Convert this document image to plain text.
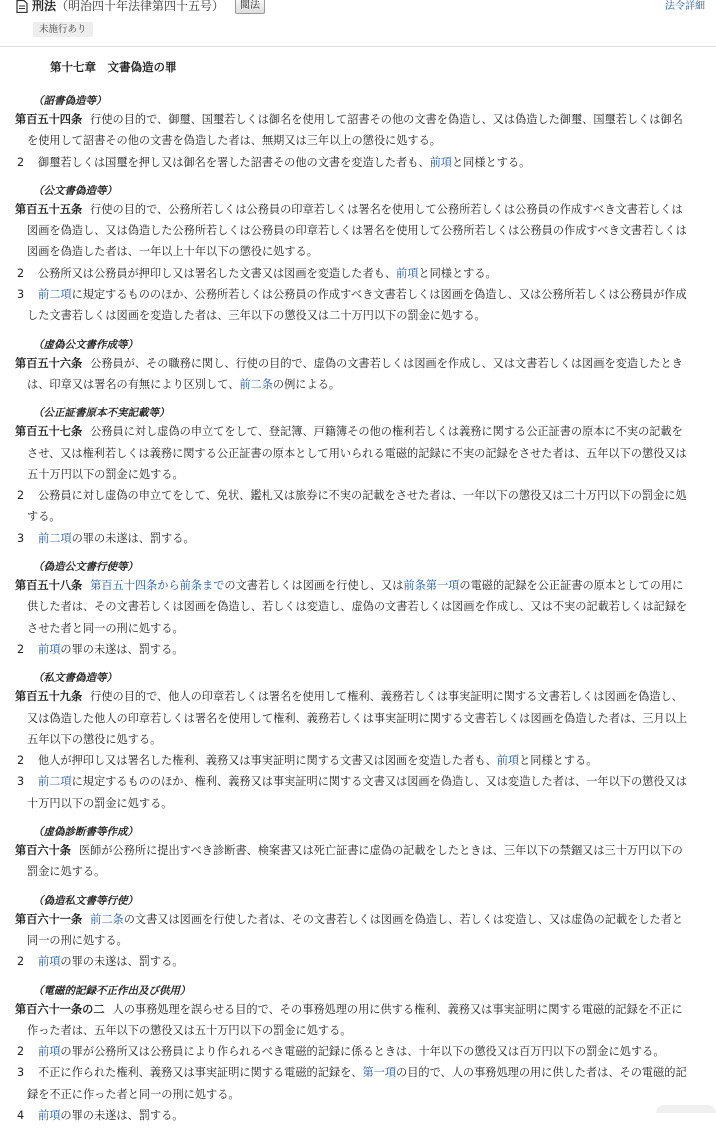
刑法（明治四十年法律第四十五号）	閲法
未施行あり
法令詳細
第十七章　文書偽造の罪
（詔書偽造等）
第百五十四条 行使の目的で、御璽、国璽若しくは御名を使用して詔書その他の文書を偽造し、又は偽造した御璽、国璽若しくは御名を使用して詔書その他の文書を偽造した者は、無期又は三年以上の懲役に処する。
2 御璽若しくは国璽を押し又は御名を署した詔書その他の文書を変造した者も、前項と同様とする。
（公文書偽造等）
第百五十五条 行使の目的で、公務所若しくは公務員の印章若しくは署名を使用して公務所若しくは公務員の作成すべき文書若しくは図画を偽造し、又は偽造した公務所若しくは公務員の印章若しくは署名を使用して公務所若しくは公務員の作成すべき文書若しくは図画を偽造した者は、一年以上十年以下の懲役に処する。
2 公務所又は公務員が押印し又は署名した文書又は図画を変造した者も、前項と同様とする。
3 前二項に規定するもののほか、公務所若しくは公務員の作成すべき文書若しくは図画を偽造し、又は公務所若しくは公務員が作成した文書若しくは図画を変造した者は、三年以下の懲役又は二十万円以下の罰金に処する。
（虚偽公文書作成等）
第百五十六条 公務員が、その職務に関し、行使の目的で、虚偽の文書若しくは図画を作成し、又は文書若しくは図画を変造したときは、印章又は署名の有無により区別して、前二条の例による。
（公正証書原本不実記載等）
第百五十七条 公務員に対し虚偽の申立てをして、登記簿、戸籍簿その他の権利若しくは義務に関する公正証書の原本に不実の記載をさせ、又は権利若しくは義務に関する公正証書の原本として用いられる電磁的記録に不実の記録をさせた者は、五年以下の懲役又は五十万円以下の罰金に処する。
2 公務員に対し虚偽の申立てをして、免状、鑑札又は旅券に不実の記載をさせた者は、一年以下の懲役又は二十万円以下の罰金に処する。
3 前二項の罪の未遂は、罰する。
（偽造公文書行使等）
第百五十八条 第百五十四条から前条までの文書若しくは図画を行使し、又は前条第一項の電磁的記録を公正証書の原本としての用に供した者は、その文書若しくは図画を偽造し、若しくは変造し、虚偽の文書若しくは図画を作成し、又は不実の記載若しくは記録をさせた者と同一の刑に処する。
2 前項の罪の未遂は、罰する。
（私文書偽造等）
第百五十九条 行使の目的で、他人の印章若しくは署名を使用して権利、義務若しくは事実証明に関する文書若しくは図画を偽造し、又は偽造した他人の印章若しくは署名を使用して権利、義務若しくは事実証明に関する文書若しくは図画を偽造した者は、三月以上五年以下の懲役に処する。
2 他人が押印し又は署名した権利、義務又は事実証明に関する文書又は図画を変造した者も、前項と同様とする。
3 前二項に規定するもののほか、権利、義務又は事実証明に関する文書又は図画を偽造し、又は変造した者は、一年以下の懲役又は十万円以下の罰金に処する。
（虚偽診断書等作成）
第百六十条 医師が公務所に提出すべき診断書、検案書又は死亡証書に虚偽の記載をしたときは、三年以下の禁錮又は三十万円以下の罰金に処する。
（偽造私文書等行使）
第百六十一条 前二条の文書又は図画を行使した者は、その文書若しくは図画を偽造し、若しくは変造し、又は虚偽の記載をした者と同一の刑に処する。
2 前項の罪の未遂は、罰する。
（電磁的記録不正作出及び供用）
第百六十一条の二 人の事務処理を誤らせる目的で、その事務処理の用に供する権利、義務又は事実証明に関する電磁的記録を不正に作った者は、五年以下の懲役又は五十万円以下の罰金に処する。
2 前項の罪が公務所又は公務員により作られるべき電磁的記録に係るときは、十年以下の懲役又は百万円以下の罰金に処する。
3 不正に作られた権利、義務又は事実証明に関する電磁的記録を、第一項の目的で、人の事務処理の用に供した者は、その電磁的記録を不正に作った者と同一の刑に処する。
4 前項の罪の未遂は、罰する。
